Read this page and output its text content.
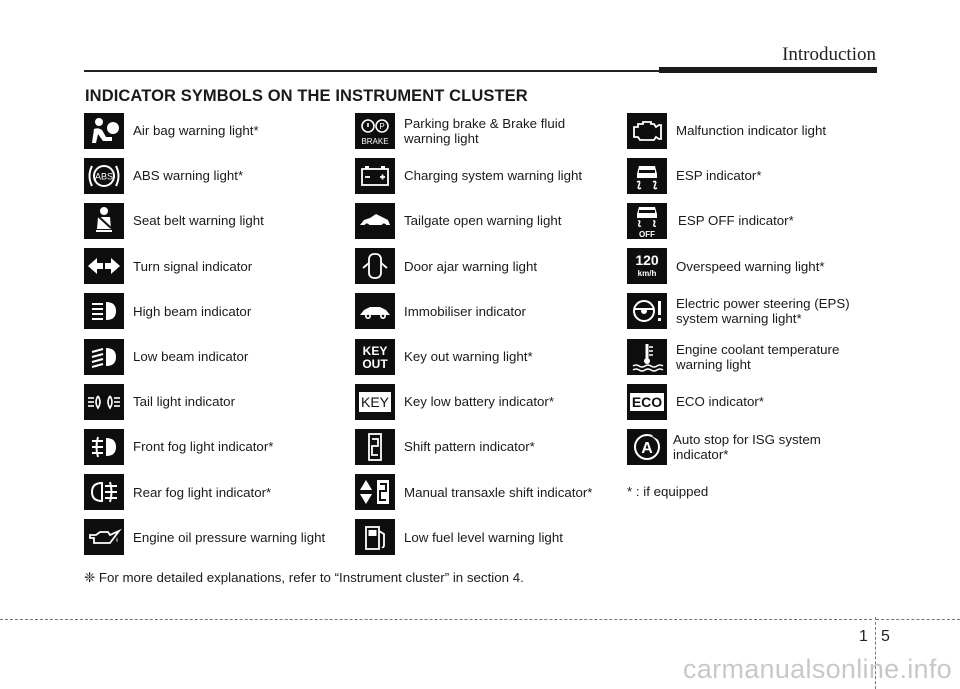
Introduction
INDICATOR SYMBOLS ON THE INSTRUMENT CLUSTER
Air bag warning light*
ABS ABS warning light*
Seat belt warning light
Turn signal indicator
High beam indicator
Low beam indicator
Tail light indicator
Front fog light indicator*
Rear fog light indicator*
Engine oil pressure warning light
P
BRAKE
Parking brake & Brake fluid
warning light
Charging system warning light
Tailgate open warning light
Door ajar warning light
Immobiliser indicator
KEY
OUT Key out warning light*
KEY Key low battery indicator*
Shift pattern indicator*
Manual transaxle shift indicator*
Low fuel level warning light
Malfunction indicator light
ESP indicator*
OFF
ESP OFF indicator*
120
km/h Overspeed warning light*
Electric power steering (EPS)
system warning light*
Engine coolant temperature
warning light
ECO ECO indicator*
A
Auto stop for ISG system
indicator*
* : if equipped
❈ For more detailed explanations, refer to “Instrument cluster” in section 4.
1 5
carmanualsonline.info
